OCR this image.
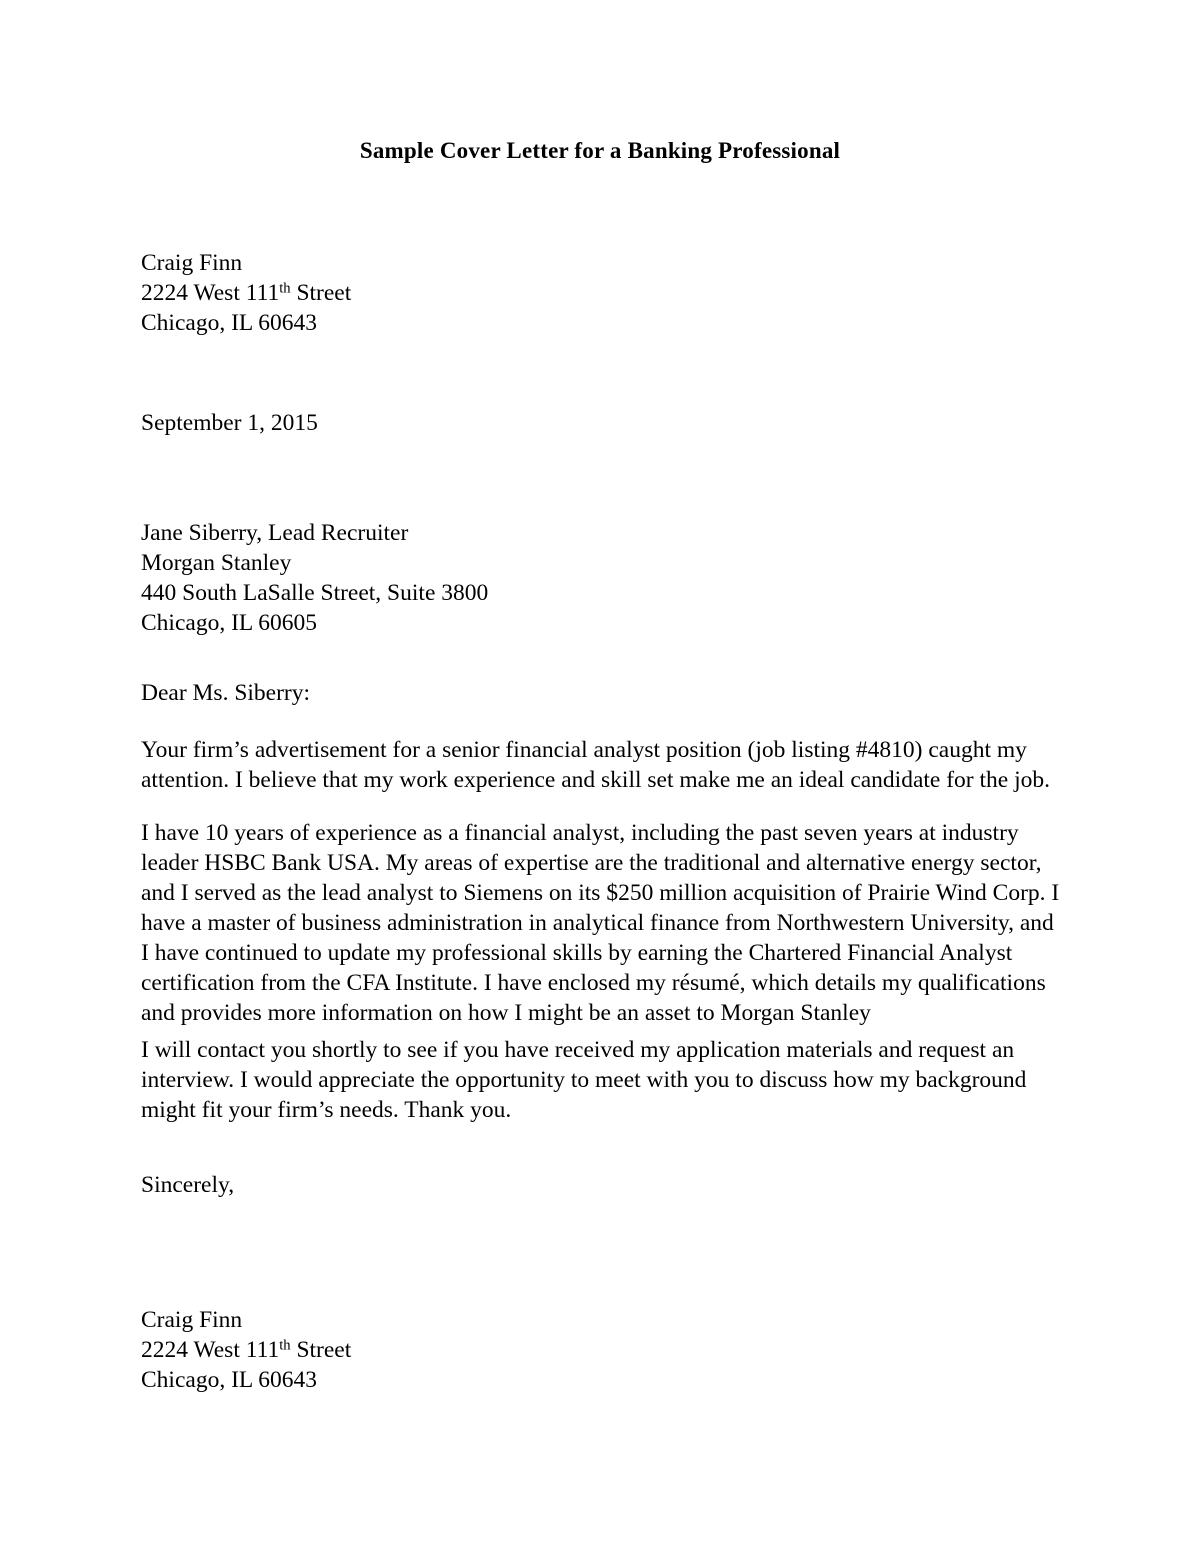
Sample Cover Letter for a Banking Professional
Craig Finn
2224 West 111th Street
Chicago, IL 60643
September 1, 2015
Jane Siberry, Lead Recruiter
Morgan Stanley
440 South LaSalle Street, Suite 3800
Chicago, IL 60605
Dear Ms. Siberry:

Your firm’s advertisement for a senior financial analyst position (job listing #4810) caught my attention. I believe that my work experience and skill set make me an ideal candidate for the job.

I have 10 years of experience as a financial analyst, including the past seven years at industry leader HSBC Bank USA. My areas of expertise are the traditional and alternative energy sector, and I served as the lead analyst to Siemens on its $250 million acquisition of Prairie Wind Corp. I have a master of business administration in analytical finance from Northwestern University, and I have continued to update my professional skills by earning the Chartered Financial Analyst certification from the CFA Institute. I have enclosed my résumé, which details my qualifications and provides more information on how I might be an asset to Morgan Stanley

I will contact you shortly to see if you have received my application materials and request an interview. I would appreciate the opportunity to meet with you to discuss how my background might fit your firm’s needs. Thank you.

Sincerely,
Craig Finn
2224 West 111th Street
Chicago, IL 60643
